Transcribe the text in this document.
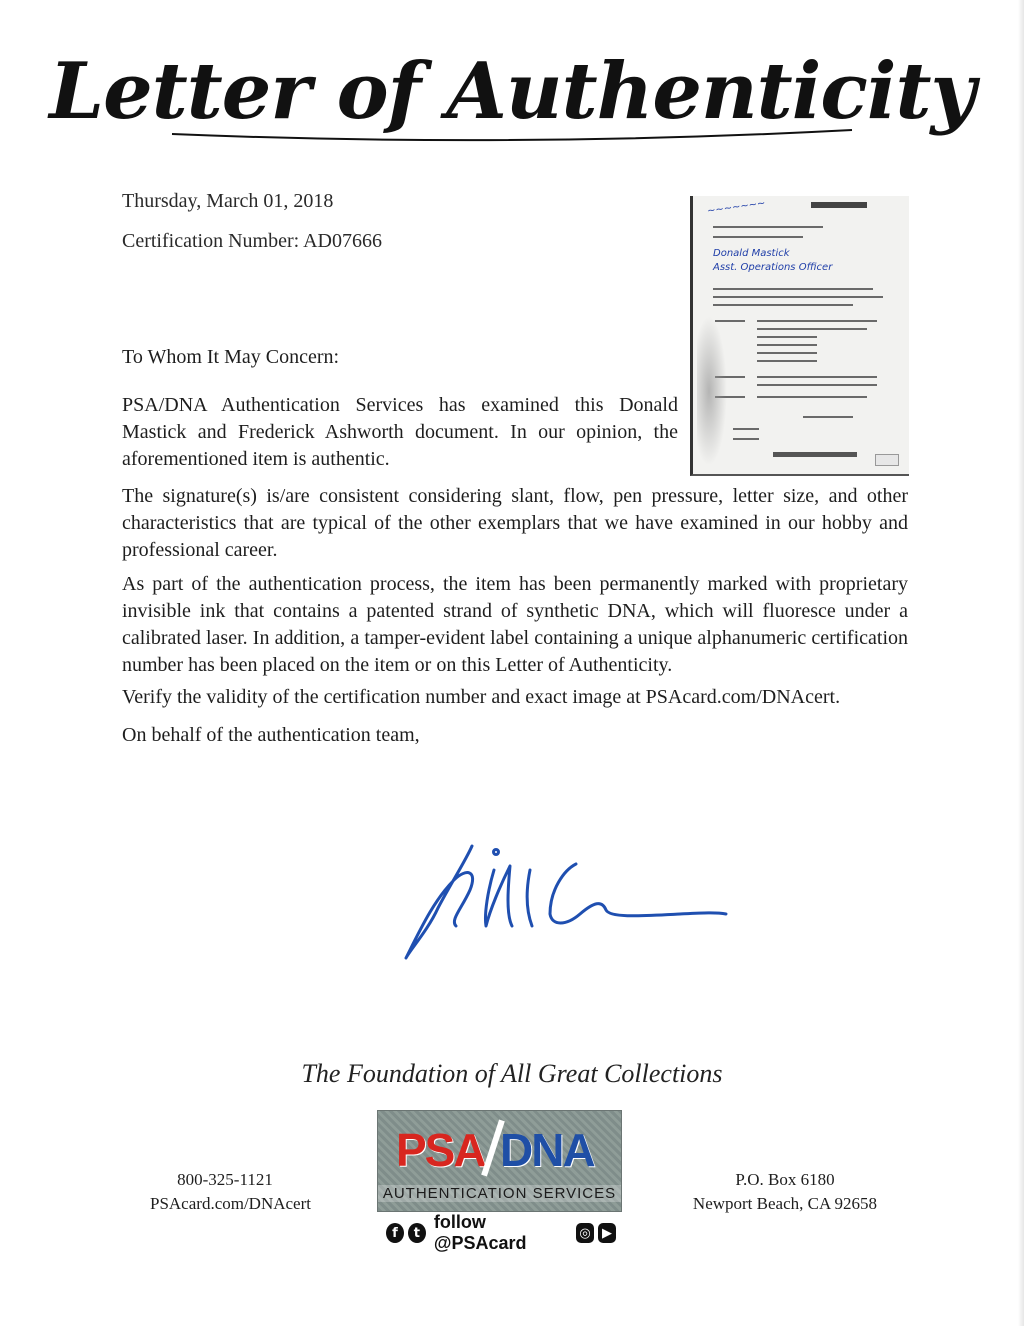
Letter of Authenticity
Thursday, March 01, 2018
Certification Number: AD07666
~~~~~~~
Donald Mastick
Asst. Operations Officer
To Whom It May Concern:

PSA/DNA Authentication Services has examined this Donald Mastick and Frederick Ashworth document. In our opinion, the aforementioned item is authentic.

The signature(s) is/are consistent considering slant, flow, pen pressure, letter size, and other characteristics that are typical of the other exemplars that we have examined in our hobby and professional career.

As part of the authentication process, the item has been permanently marked with proprietary invisible ink that contains a patented strand of synthetic DNA, which will fluoresce under a calibrated laser. In addition, a tamper-evident label containing a unique alphanumeric certification number has been placed on the item or on this Letter of Authenticity.

Verify the validity of the certification number and exact image at PSAcard.com/DNAcert.
On behalf of the authentication team,
The Foundation of All Great Collections
800-325-1121
PSAcard.com/DNAcert
PSA DNA
AUTHENTICATION SERVICES
f	t
follow @PSAcard	◎ ▶
P.O. Box 6180
Newport Beach, CA 92658
